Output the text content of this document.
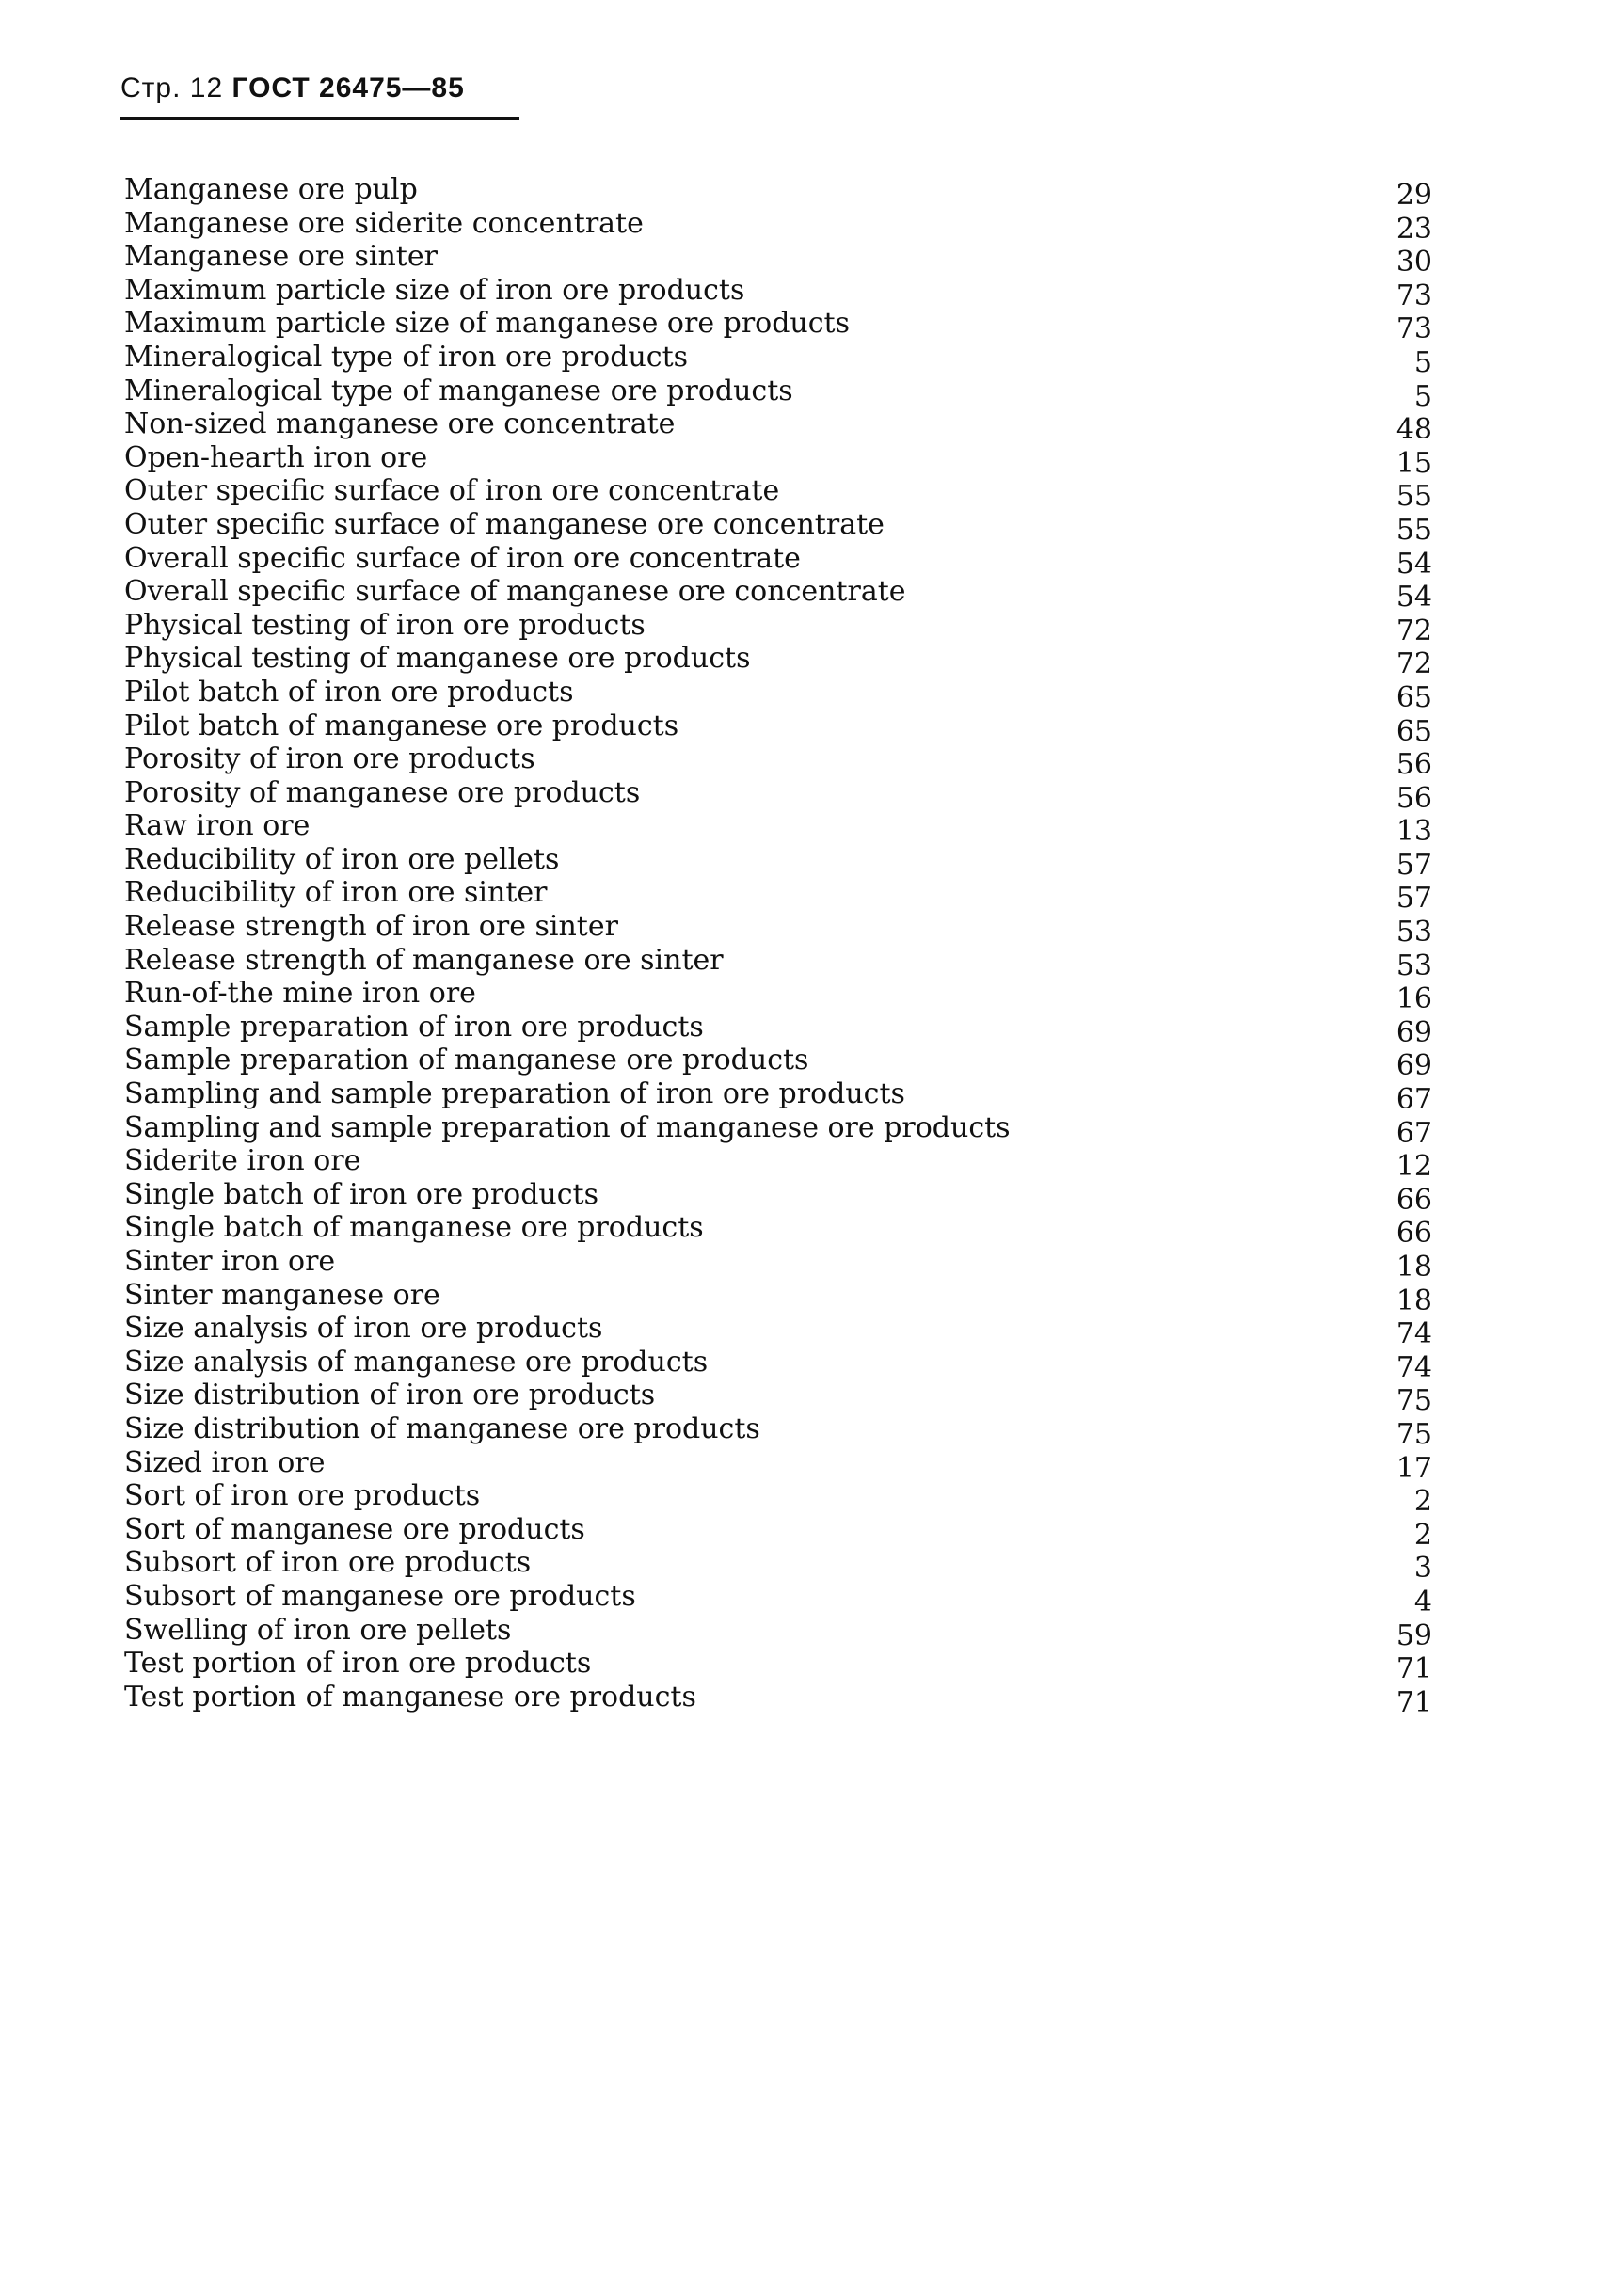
Стр. 12 ГОСТ 26475—85
Manganese ore pulp	29
Manganese ore siderite concentrate	23
Manganese ore sinter	30
Maximum particle size of iron ore products	73
Maximum particle size of manganese ore products	73
Mineralogical type of iron ore products	5
Mineralogical type of manganese ore products	5
Non-sized manganese ore concentrate	48
Open-hearth iron ore	15
Outer specific surface of iron ore concentrate	55
Outer specific surface of manganese ore concentrate	55
Overall specific surface of iron ore concentrate	54
Overall specific surface of manganese ore concentrate	54
Physical testing of iron ore products	72
Physical testing of manganese ore products	72
Pilot batch of iron ore products	65
Pilot batch of manganese ore products	65
Porosity of iron ore products	56
Porosity of manganese ore products	56
Raw iron ore	13
Reducibility of iron ore pellets	57
Reducibility of iron ore sinter	57
Release strength of iron ore sinter	53
Release strength of manganese ore sinter	53
Run-of-the mine iron ore	16
Sample preparation of iron ore products	69
Sample preparation of manganese ore products	69
Sampling and sample preparation of iron ore products	67
Sampling and sample preparation of manganese ore products	67
Siderite iron ore	12
Single batch of iron ore products	66
Single batch of manganese ore products	66
Sinter iron ore	18
Sinter manganese ore	18
Size analysis of iron ore products	74
Size analysis of manganese ore products	74
Size distribution of iron ore products	75
Size distribution of manganese ore products	75
Sized iron ore	17
Sort of iron ore products	2
Sort of manganese ore products	2
Subsort of iron ore products	3
Subsort of manganese ore products	4
Swelling of iron ore pellets	59
Test portion of iron ore products	71
Test portion of manganese ore products	71
